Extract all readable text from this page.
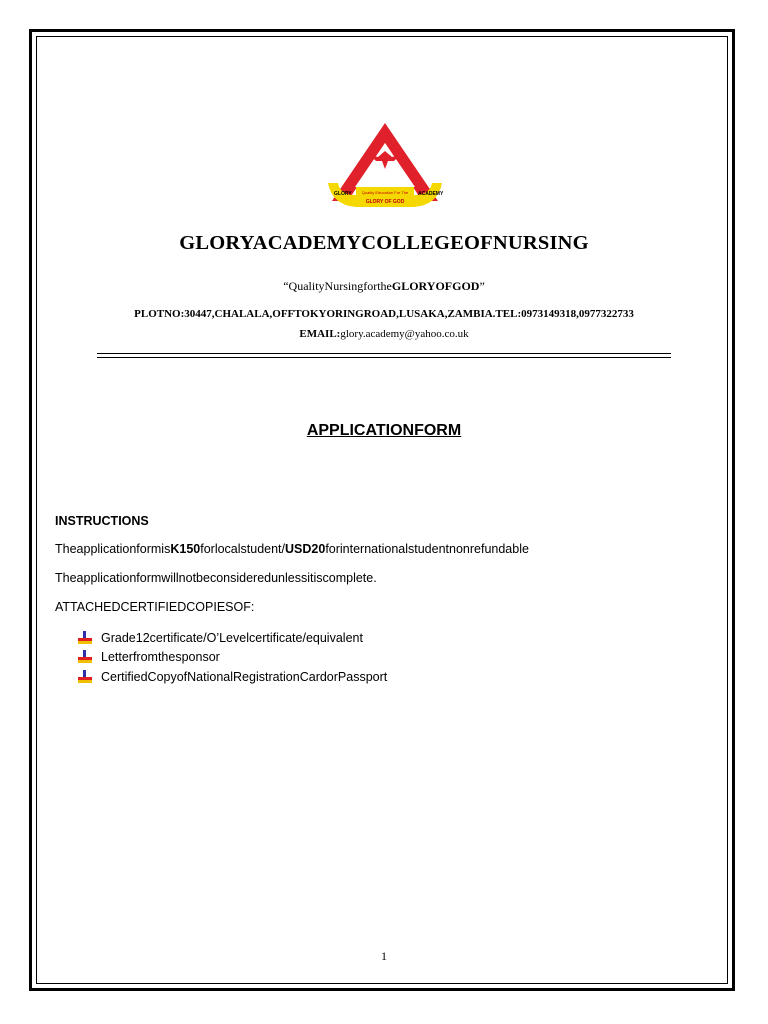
GLORY	ACADEMY
Quality Education For The
GLORY OF GOD
GLORYACADEMYCOLLEGEOFNURSING
“QualityNursingfortheGLORYOFGOD”
PLOTNO:30447,CHALALA,OFFTOKYORINGROAD,LUSAKA,ZAMBIA.TEL:0973149318,0977322733
EMAIL:glory.academy@yahoo.co.uk
APPLICATIONFORM
INSTRUCTIONS
TheapplicationformisK150forlocalstudent/USD20forinternationalstudentnonrefundable
Theapplicationformwillnotbeconsideredunlessitiscomplete.
ATTACHEDCERTIFIEDCOPIESOF:
Grade12certificate/O’Levelcertificate/equivalent
Letterfromthesponsor
CertifiedCopyofNationalRegistrationCardorPassport
1
